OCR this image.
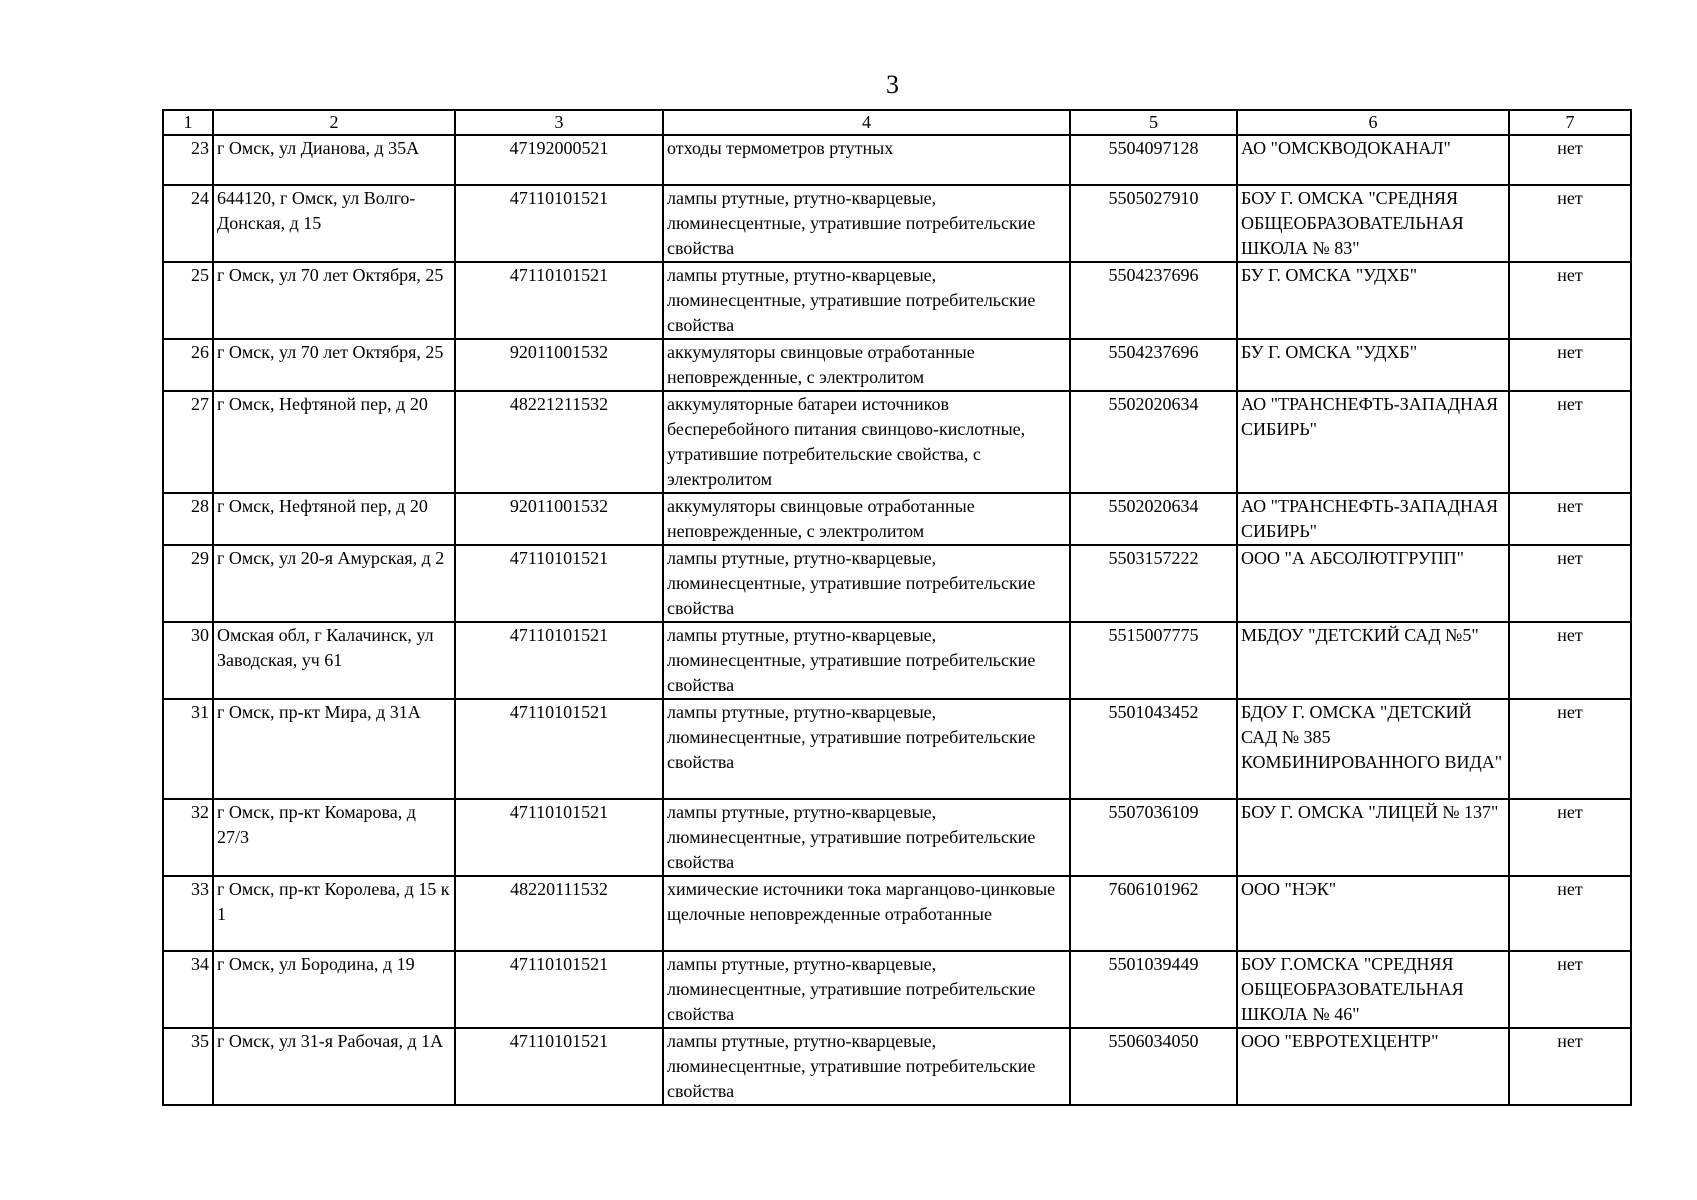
3
1	2	3	4	5	6	7
23	г Омск, ул Дианова, д 35А	47192000521	отходы термометров ртутных	5504097128	АО "ОМСКВОДОКАНАЛ"	нет
24	644120, г Омск, ул Волго-Донская, д 15	47110101521	лампы ртутные, ртутно-кварцевые, люминесцентные, утратившие потребительские свойства	5505027910	БОУ Г. ОМСКА "СРЕДНЯЯ ОБЩЕОБРАЗОВАТЕЛЬНАЯ ШКОЛА № 83"	нет
25	г Омск, ул 70 лет Октября, 25	47110101521	лампы ртутные, ртутно-кварцевые, люминесцентные, утратившие потребительские свойства	5504237696	БУ Г. ОМСКА "УДХБ"	нет
26	г Омск, ул 70 лет Октября, 25	92011001532	аккумуляторы свинцовые отработанные неповрежденные, с электролитом	5504237696	БУ Г. ОМСКА "УДХБ"	нет
27	г Омск, Нефтяной пер, д 20	48221211532	аккумуляторные батареи источников бесперебойного питания свинцово-кислотные, утратившие потребительские свойства, с электролитом	5502020634	АО "ТРАНСНЕФТЬ-ЗАПАДНАЯ СИБИРЬ"	нет
28	г Омск, Нефтяной пер, д 20	92011001532	аккумуляторы свинцовые отработанные неповрежденные, с электролитом	5502020634	АО "ТРАНСНЕФТЬ-ЗАПАДНАЯ СИБИРЬ"	нет
29	г Омск, ул 20-я Амурская, д 2	47110101521	лампы ртутные, ртутно-кварцевые, люминесцентные, утратившие потребительские свойства	5503157222	ООО "А АБСОЛЮТГРУПП"	нет
30	Омская обл, г Калачинск, ул Заводская, уч 61	47110101521	лампы ртутные, ртутно-кварцевые, люминесцентные, утратившие потребительские свойства	5515007775	МБДОУ "ДЕТСКИЙ САД №5"	нет
31	г Омск, пр-кт Мира, д 31А	47110101521	лампы ртутные, ртутно-кварцевые, люминесцентные, утратившие потребительские свойства	5501043452	БДОУ Г. ОМСКА "ДЕТСКИЙ САД № 385 КОМБИНИРОВАННОГО ВИДА"	нет
32	г Омск, пр-кт Комарова, д 27/3	47110101521	лампы ртутные, ртутно-кварцевые, люминесцентные, утратившие потребительские свойства	5507036109	БОУ Г. ОМСКА "ЛИЦЕЙ № 137"	нет
33	г Омск, пр-кт Королева, д 15 к 1	48220111532	химические источники тока марганцово-цинковые щелочные неповрежденные отработанные	7606101962	ООО "НЭК"	нет
34	г Омск, ул Бородина, д 19	47110101521	лампы ртутные, ртутно-кварцевые, люминесцентные, утратившие потребительские свойства	5501039449	БОУ Г.ОМСКА "СРЕДНЯЯ ОБЩЕОБРАЗОВАТЕЛЬНАЯ ШКОЛА № 46"	нет
35	г Омск, ул 31-я Рабочая, д 1А	47110101521	лампы ртутные, ртутно-кварцевые, люминесцентные, утратившие потребительские свойства	5506034050	ООО "ЕВРОТЕХЦЕНТР"	нет
